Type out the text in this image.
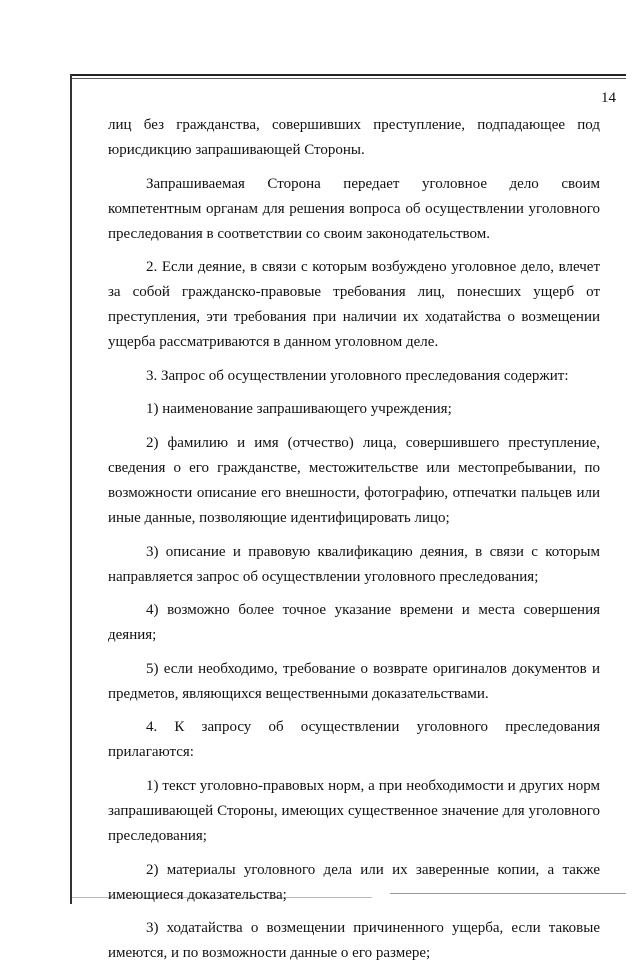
14

лиц без гражданства, совершивших преступление, подпадающее под юрисдикцию запрашивающей Стороны.

Запрашиваемая Сторона передает уголовное дело своим компетентным органам для решения вопроса об осуществлении уголовного преследования в соответствии со своим законодательством.

2. Если деяние, в связи с которым возбуждено уголовное дело, влечет за собой гражданско-правовые требования лиц, понесших ущерб от преступления, эти требования при наличии их ходатайства о возмещении ущерба рассматриваются в данном уголовном деле.

3. Запрос об осуществлении уголовного преследования содержит:

1) наименование запрашивающего учреждения;

2) фамилию и имя (отчество) лица, совершившего преступление, сведения о его гражданстве, местожительстве или местопребывании, по возможности описание его внешности, фотографию, отпечатки пальцев или иные данные, позволяющие идентифицировать лицо;

3) описание и правовую квалификацию деяния, в связи с которым направляется запрос об осуществлении уголовного преследования;

4) возможно более точное указание времени и места совершения деяния;

5) если необходимо, требование о возврате оригиналов документов и предметов, являющихся вещественными доказательствами.

4. К запросу об осуществлении уголовного преследования прилагаются:

1) текст уголовно-правовых норм, а при необходимости и других норм запрашивающей Стороны, имеющих существенное значение для уголовного преследования;

2) материалы уголовного дела или их заверенные копии, а также имеющиеся доказательства;

3) ходатайства о возмещении причиненного ущерба, если таковые имеются, и по возможности данные о его размере;
